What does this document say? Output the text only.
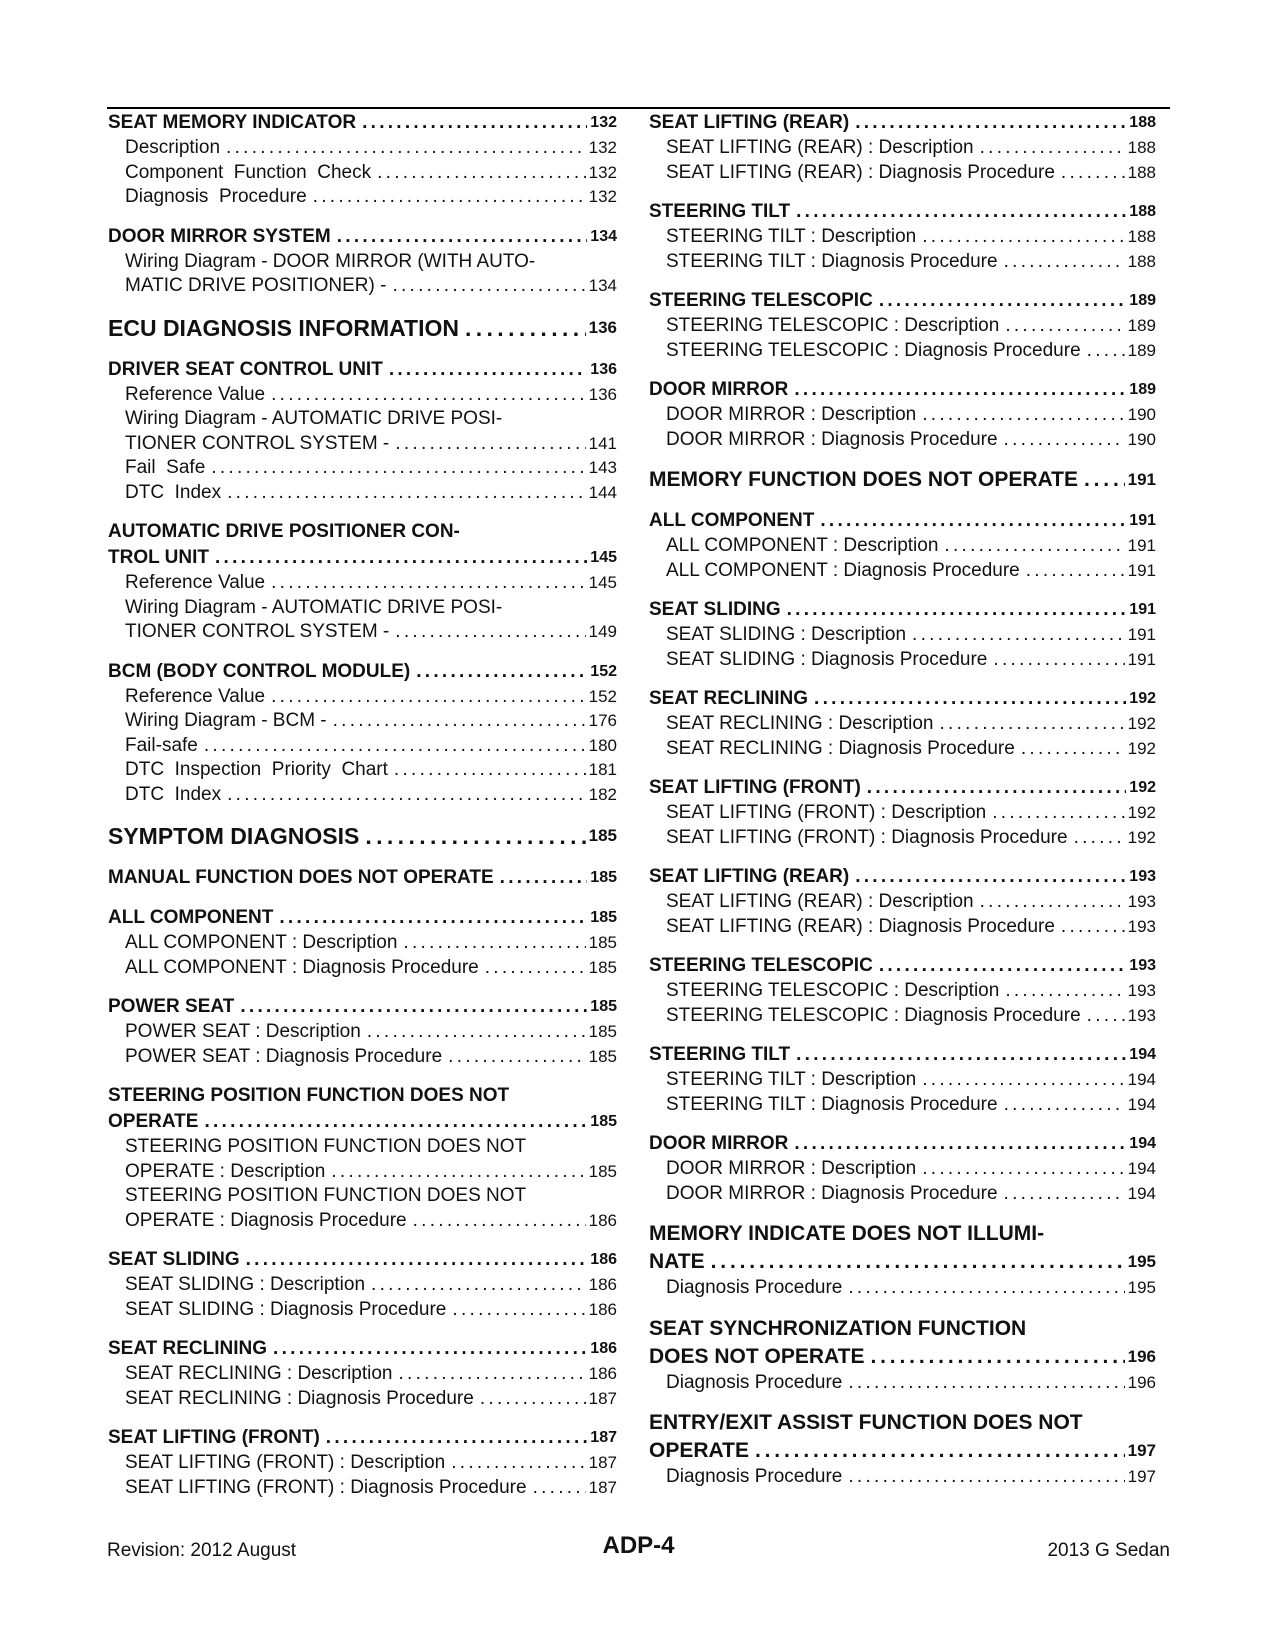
SEAT MEMORY INDICATOR . . .	132
Description . . .	132
Component  Function  Check . . .	132
Diagnosis  Procedure . . .	132
DOOR MIRROR SYSTEM . . .	134
Wiring Diagram - DOOR MIRROR (WITH AUTO-
MATIC DRIVE POSITIONER) - . . .	134
ECU DIAGNOSIS INFORMATION . . .	136
DRIVER SEAT CONTROL UNIT . . .	136
Reference Value . . .	136
Wiring Diagram - AUTOMATIC DRIVE POSI-
TIONER CONTROL SYSTEM - . . .	141
Fail  Safe . . .	143
DTC  Index . . .	144
AUTOMATIC DRIVE POSITIONER CON-
TROL UNIT . . .	145
Reference Value . . .	145
Wiring Diagram - AUTOMATIC DRIVE POSI-
TIONER CONTROL SYSTEM - . . .	149
BCM (BODY CONTROL MODULE) . . .	152
Reference Value . . .	152
Wiring Diagram - BCM - . . .	176
Fail-safe . . .	180
DTC  Inspection  Priority  Chart . . .	181
DTC  Index . . .	182
SYMPTOM DIAGNOSIS . . .	185
MANUAL FUNCTION DOES NOT OPERATE . . .	185
ALL COMPONENT . . .	185
ALL COMPONENT : Description . . .	185
ALL COMPONENT : Diagnosis Procedure . . .	185
POWER SEAT . . .	185
POWER SEAT : Description . . .	185
POWER SEAT : Diagnosis Procedure . . .	185
STEERING POSITION FUNCTION DOES NOT
OPERATE . . .	185
STEERING POSITION FUNCTION DOES NOT
OPERATE : Description . . .	185
STEERING POSITION FUNCTION DOES NOT
OPERATE : Diagnosis Procedure . . .	186
SEAT SLIDING . . .	186
SEAT SLIDING : Description . . .	186
SEAT SLIDING : Diagnosis Procedure . . .	186
SEAT RECLINING . . .	186
SEAT RECLINING : Description . . .	186
SEAT RECLINING : Diagnosis Procedure . . .	187
SEAT LIFTING (FRONT) . . .	187
SEAT LIFTING (FRONT) : Description . . .	187
SEAT LIFTING (FRONT) : Diagnosis Procedure . . .	187
SEAT LIFTING (REAR) . . .	188
SEAT LIFTING (REAR) : Description . . .	188
SEAT LIFTING (REAR) : Diagnosis Procedure . . .	188
STEERING TILT . . .	188
STEERING TILT : Description . . .	188
STEERING TILT : Diagnosis Procedure . . .	188
STEERING TELESCOPIC . . .	189
STEERING TELESCOPIC : Description . . .	189
STEERING TELESCOPIC : Diagnosis Procedure . . .	189
DOOR MIRROR . . .	189
DOOR MIRROR : Description . . .	190
DOOR MIRROR : Diagnosis Procedure . . .	190
MEMORY FUNCTION DOES NOT OPERATE . . .	191
ALL COMPONENT . . .	191
ALL COMPONENT : Description . . .	191
ALL COMPONENT : Diagnosis Procedure . . .	191
SEAT SLIDING . . .	191
SEAT SLIDING : Description . . .	191
SEAT SLIDING : Diagnosis Procedure . . .	191
SEAT RECLINING . . .	192
SEAT RECLINING : Description . . .	192
SEAT RECLINING : Diagnosis Procedure . . .	192
SEAT LIFTING (FRONT) . . .	192
SEAT LIFTING (FRONT) : Description . . .	192
SEAT LIFTING (FRONT) : Diagnosis Procedure . . .	192
SEAT LIFTING (REAR) . . .	193
SEAT LIFTING (REAR) : Description . . .	193
SEAT LIFTING (REAR) : Diagnosis Procedure . . .	193
STEERING TELESCOPIC . . .	193
STEERING TELESCOPIC : Description . . .	193
STEERING TELESCOPIC : Diagnosis Procedure . . .	193
STEERING TILT . . .	194
STEERING TILT : Description . . .	194
STEERING TILT : Diagnosis Procedure . . .	194
DOOR MIRROR . . .	194
DOOR MIRROR : Description . . .	194
DOOR MIRROR : Diagnosis Procedure . . .	194
MEMORY INDICATE DOES NOT ILLUMI-
NATE . . .	195
Diagnosis Procedure . . .	195
SEAT SYNCHRONIZATION FUNCTION
DOES NOT OPERATE . . .	196
Diagnosis Procedure . . .	196
ENTRY/EXIT ASSIST FUNCTION DOES NOT
OPERATE . . .	197
Diagnosis Procedure . . .	197
Revision: 2012 August	ADP-4	2013 G Sedan
